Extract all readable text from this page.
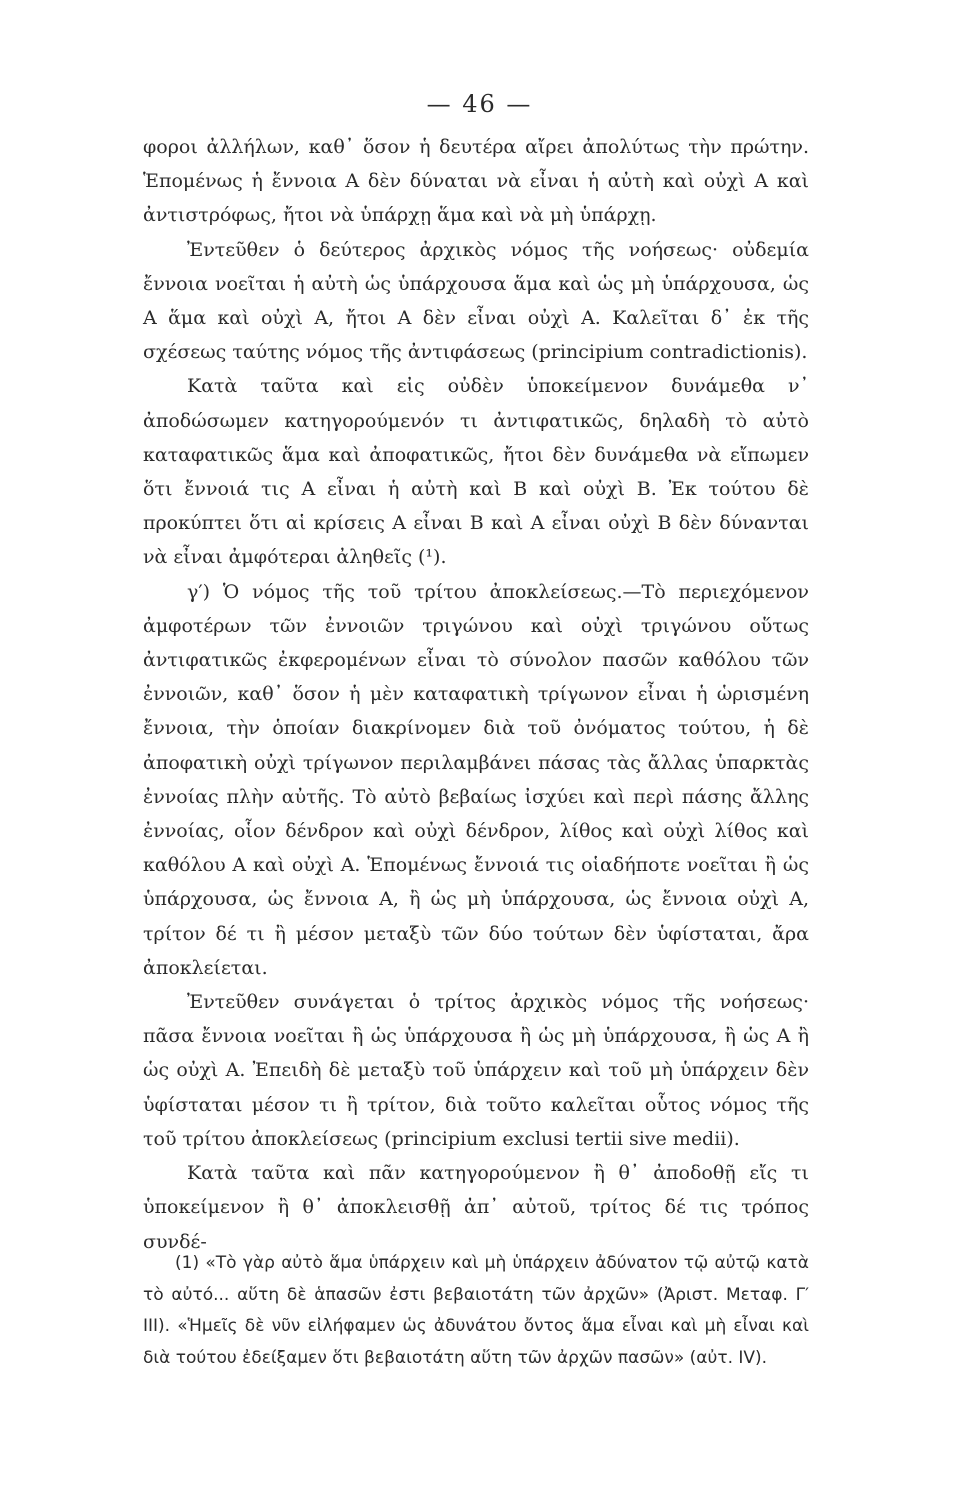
— 46 —

φοροι ἀλλήλων, καθ᾽ ὅσον ἡ δευτέρα αἴρει ἀπολύτως τὴν πρώτην. Ἑπομένως ἡ ἔννοια Α δὲν δύναται νὰ εἶναι ἡ αὐτὴ καὶ οὐχὶ Α καὶ ἀντιστρόφως, ἤτοι νὰ ὑπάρχῃ ἅμα καὶ νὰ μὴ ὑπάρχῃ.

Ἐντεῦθεν ὁ δεύτερος ἀρχικὸς νόμος τῆς νοήσεως· οὐδεμία ἔννοια νοεῖται ἡ αὐτὴ ὡς ὑπάρχουσα ἅμα καὶ ὡς μὴ ὑπάρχουσα, ὡς Α ἅμα καὶ οὐχὶ Α, ἤτοι Α δὲν εἶναι οὐχὶ Α. Καλεῖται δ᾽ ἐκ τῆς σχέσεως ταύτης νόμος τῆς ἀντιφάσεως (principium contradictionis).

Κατὰ ταῦτα καὶ εἰς οὐδὲν ὑποκείμενον δυνάμεθα ν᾽ ἀποδώσωμεν κατηγορούμενόν τι ἀντιφατικῶς, δηλαδὴ τὸ αὐτὸ καταφατικῶς ἅμα καὶ ἀποφατικῶς, ἤτοι δὲν δυνάμεθα νὰ εἴπωμεν ὅτι ἔννοιά τις Α εἶναι ἡ αὐτὴ καὶ Β καὶ οὐχὶ Β. Ἐκ τούτου δὲ προκύπτει ὅτι αἱ κρίσεις Α εἶναι Β καὶ Α εἶναι οὐχὶ Β δὲν δύνανται νὰ εἶναι ἀμφότεραι ἀληθεῖς (¹).

γ′) Ὁ νόμος τῆς τοῦ τρίτου ἀποκλείσεως.—Τὸ περιεχόμενον ἀμφοτέρων τῶν ἐννοιῶν τριγώνου καὶ οὐχὶ τριγώνου οὕτως ἀντιφατικῶς ἐκφερομένων εἶναι τὸ σύνολον πασῶν καθόλου τῶν ἐννοιῶν, καθ᾽ ὅσον ἡ μὲν καταφατικὴ τρίγωνον εἶναι ἡ ὡρισμένη ἔννοια, τὴν ὁποίαν διακρίνομεν διὰ τοῦ ὀνόματος τούτου, ἡ δὲ ἀποφατικὴ οὐχὶ τρίγωνον περιλαμβάνει πάσας τὰς ἄλλας ὑπαρκτὰς ἐννοίας πλὴν αὐτῆς. Τὸ αὐτὸ βεβαίως ἰσχύει καὶ περὶ πάσης ἄλλης ἐννοίας, οἷον δένδρον καὶ οὐχὶ δένδρον, λίθος καὶ οὐχὶ λίθος καὶ καθόλου Α καὶ οὐχὶ Α. Ἑπομένως ἔννοιά τις οἱαδήποτε νοεῖται ἢ ὡς ὑπάρχουσα, ὡς ἔννοια Α, ἢ ὡς μὴ ὑπάρχουσα, ὡς ἔννοια οὐχὶ Α, τρίτον δέ τι ἢ μέσον μεταξὺ τῶν δύο τούτων δὲν ὑφίσταται, ἄρα ἀποκλείεται.

Ἐντεῦθεν συνάγεται ὁ τρίτος ἀρχικὸς νόμος τῆς νοήσεως· πᾶσα ἔννοια νοεῖται ἢ ὡς ὑπάρχουσα ἢ ὡς μὴ ὑπάρχουσα, ἢ ὡς Α ἢ ὡς οὐχὶ Α. Ἐπειδὴ δὲ μεταξὺ τοῦ ὑπάρχειν καὶ τοῦ μὴ ὑπάρχειν δὲν ὑφίσταται μέσον τι ἢ τρίτον, διὰ τοῦτο καλεῖται οὗτος νόμος τῆς τοῦ τρίτου ἀποκλείσεως (principium exclusi tertii sive medii).

Κατὰ ταῦτα καὶ πᾶν κατηγορούμενον ἢ θ᾽ ἀποδοθῇ εἴς τι ὑποκείμενον ἢ θ᾽ ἀποκλεισθῇ ἀπ᾽ αὐτοῦ, τρίτος δέ τις τρόπος συνδέ-

(1) «Τὸ γὰρ αὐτὸ ἅμα ὑπάρχειν καὶ μὴ ὑπάρχειν ἀδύνατον τῷ αὐτῷ κατὰ τὸ αὐτό... αὕτη δὲ ἁπασῶν ἐστι βεβαιοτάτη τῶν ἀρχῶν» (Ἀριστ. Μεταφ. Γ′ III). «Ἡμεῖς δὲ νῦν εἰλήφαμεν ὡς ἀδυνάτου ὄντος ἅμα εἶναι καὶ μὴ εἶναι καὶ διὰ τούτου ἐδείξαμεν ὅτι βεβαιοτάτη αὕτη τῶν ἀρχῶν πασῶν» (αὐτ. IV).
